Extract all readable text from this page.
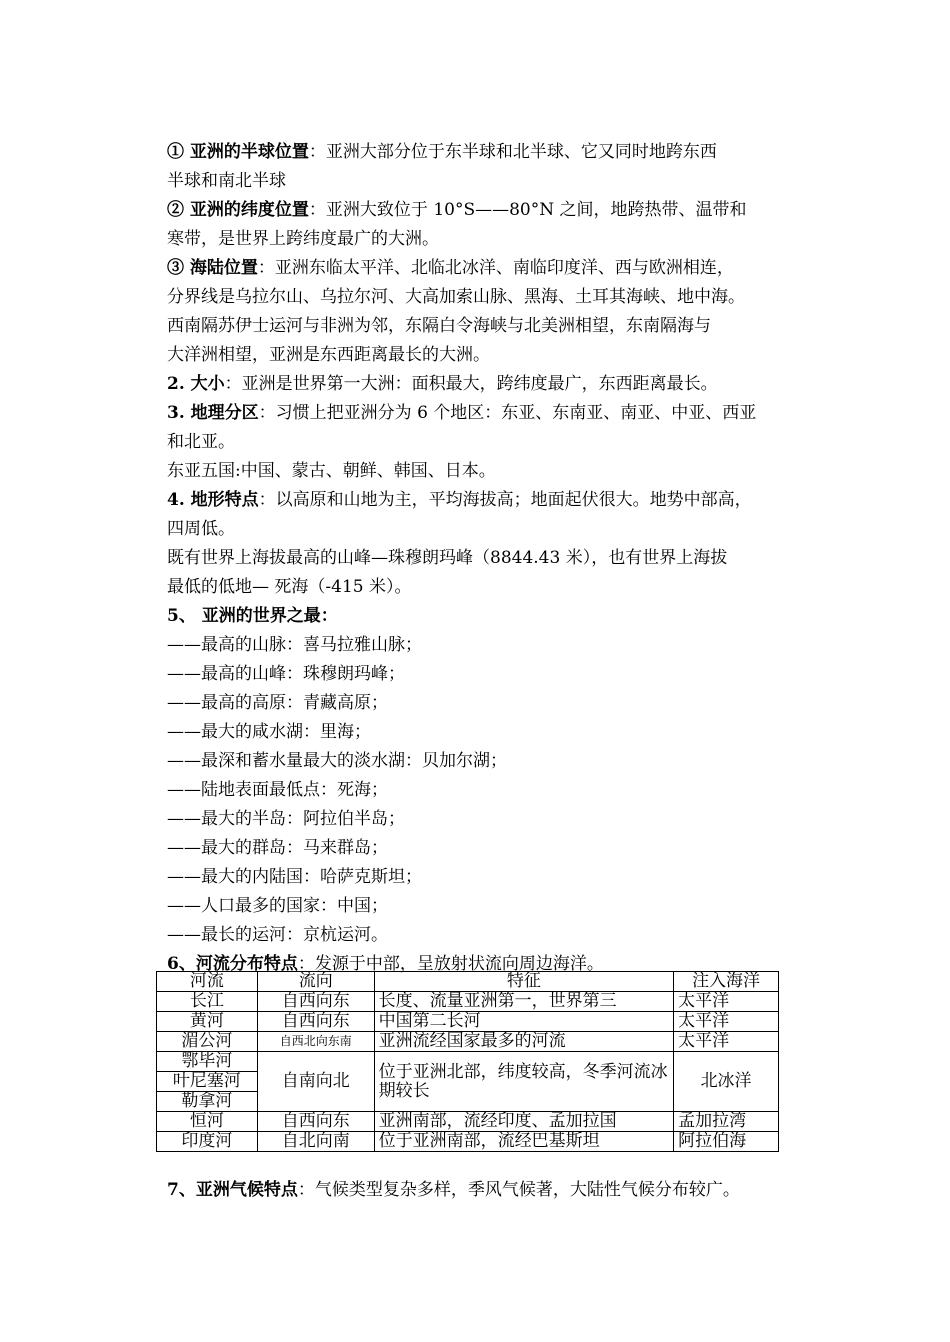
① 亚洲的半球位置：亚洲大部分位于东半球和北半球、它又同时地跨东西
半球和南北半球
② 亚洲的纬度位置：亚洲大致位于 10°S——80°N 之间，地跨热带、温带和
寒带，是世界上跨纬度最广的大洲。
③ 海陆位置：亚洲东临太平洋、北临北冰洋、南临印度洋、西与欧洲相连，
分界线是乌拉尔山、乌拉尔河、大高加索山脉、黑海、土耳其海峡、地中海。
西南隔苏伊士运河与非洲为邻，东隔白令海峡与北美洲相望，东南隔海与
大洋洲相望，亚洲是东西距离最长的大洲。
2. 大小：亚洲是世界第一大洲：面积最大，跨纬度最广，东西距离最长。
3. 地理分区：习惯上把亚洲分为 6 个地区：东亚、东南亚、南亚、中亚、西亚
和北亚。
东亚五国:中国、蒙古、朝鲜、韩国、日本。
4. 地形特点：以高原和山地为主，平均海拔高；地面起伏很大。地势中部高，
四周低。
既有世界上海拔最高的山峰—珠穆朗玛峰（8844.43 米），也有世界上海拔
最低的低地— 死海（-415 米）。
5、 亚洲的世界之最：
——最高的山脉：喜马拉雅山脉；
——最高的山峰：珠穆朗玛峰；
——最高的高原：青藏高原；
——最大的咸水湖：里海；
——最深和蓄水量最大的淡水湖：贝加尔湖；
——陆地表面最低点：死海；
——最大的半岛：阿拉伯半岛；
——最大的群岛：马来群岛；
——最大的内陆国：哈萨克斯坦；
——人口最多的国家：中国；
——最长的运河：京杭运河。
6、河流分布特点：发源于中部，呈放射状流向周边海洋。
河流	流向	特征	注入海洋
长江	自西向东	长度、流量亚洲第一，世界第三	太平洋
黄河	自西向东	中国第二长河	太平洋
湄公河	自西北向东南	亚洲流经国家最多的河流	太平洋
鄂毕河	自南向北	位于亚洲北部，纬度较高，冬季河流冰期较长	北冰洋
叶尼塞河			
勒拿河			
恒河	自西向东	亚洲南部，流经印度、孟加拉国	孟加拉湾
印度河	自北向南	位于亚洲南部，流经巴基斯坦	阿拉伯海
7、亚洲气候特点：气候类型复杂多样，季风气候著，大陆性气候分布较广。
